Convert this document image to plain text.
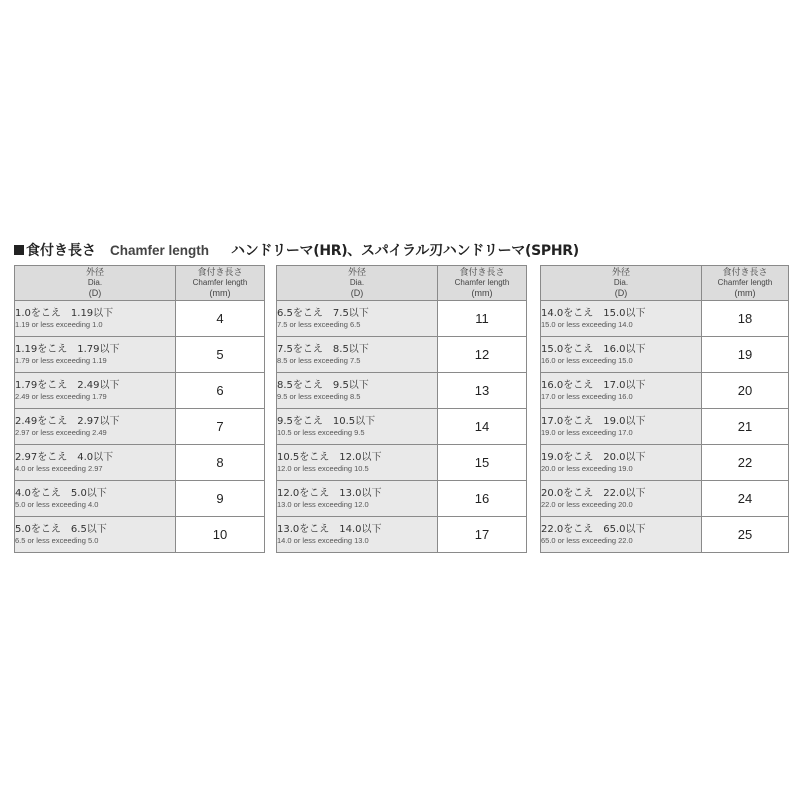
食付き長さ Chamfer length ハンドリーマ(HR)、スパイラル刃ハンドリーマ(SPHR)
外径
Dia.
(D)	食付き長さ
Chamfer length
(mm)

1.0をこえ　1.19以下
1.19 or less exceeding 1.0	4

1.19をこえ　1.79以下
1.79 or less exceeding 1.19	5

1.79をこえ　2.49以下
2.49 or less exceeding 1.79	6

2.49をこえ　2.97以下
2.97 or less exceeding 2.49	7

2.97をこえ　4.0以下
4.0 or less exceeding 2.97	8

4.0をこえ　5.0以下
5.0 or less exceeding 4.0	9

5.0をこえ　6.5以下
6.5 or less exceeding 5.0	10
外径
Dia.
(D)	食付き長さ
Chamfer length
(mm)

6.5をこえ　7.5以下
7.5 or less exceeding 6.5	11

7.5をこえ　8.5以下
8.5 or less exceeding 7.5	12

8.5をこえ　9.5以下
9.5 or less exceeding 8.5	13

9.5をこえ　10.5以下
10.5 or less exceeding 9.5	14

10.5をこえ　12.0以下
12.0 or less exceeding 10.5	15

12.0をこえ　13.0以下
13.0 or less exceeding 12.0	16

13.0をこえ　14.0以下
14.0 or less exceeding 13.0	17
外径
Dia.
(D)	食付き長さ
Chamfer length
(mm)

14.0をこえ　15.0以下
15.0 or less exceeding 14.0	18

15.0をこえ　16.0以下
16.0 or less exceeding 15.0	19

16.0をこえ　17.0以下
17.0 or less exceeding 16.0	20

17.0をこえ　19.0以下
19.0 or less exceeding 17.0	21

19.0をこえ　20.0以下
20.0 or less exceeding 19.0	22

20.0をこえ　22.0以下
22.0 or less exceeding 20.0	24

22.0をこえ　65.0以下
65.0 or less exceeding 22.0	25
